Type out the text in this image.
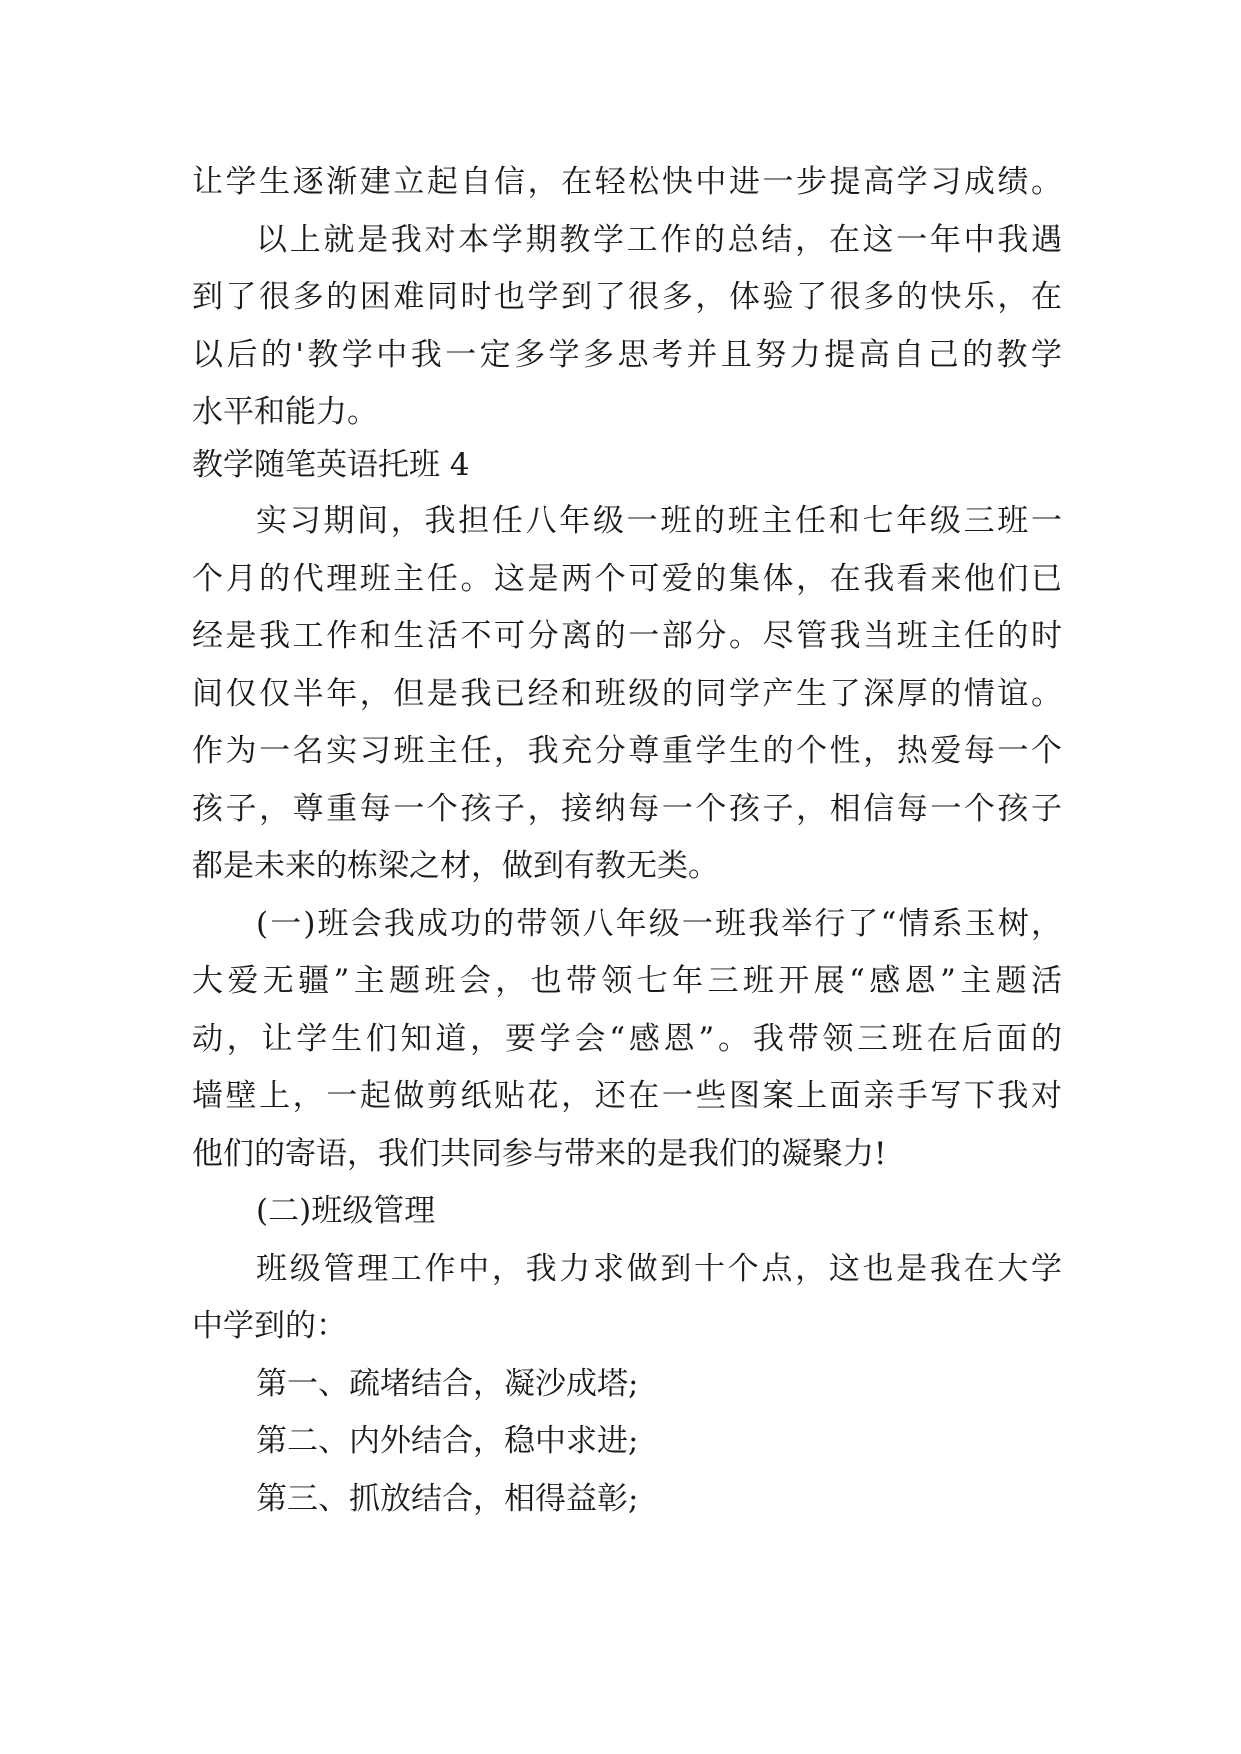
让学生逐渐建立起自信，在轻松快中进一步提高学习成绩。
以上就是我对本学期教学工作的总结，在这一年中我遇
到了很多的困难同时也学到了很多，体验了很多的快乐，在
以后的'教学中我一定多学多思考并且努力提高自己的教学
水平和能力。
教学随笔英语托班 4
实习期间，我担任八年级一班的班主任和七年级三班一
个月的代理班主任。这是两个可爱的集体，在我看来他们已
经是我工作和生活不可分离的一部分。尽管我当班主任的时
间仅仅半年，但是我已经和班级的同学产生了深厚的情谊。
作为一名实习班主任，我充分尊重学生的个性，热爱每一个
孩子，尊重每一个孩子，接纳每一个孩子，相信每一个孩子
都是未来的栋梁之材，做到有教无类。
(一)班会我成功的带领八年级一班我举行了“情系玉树，
大爱无疆”主题班会，也带领七年三班开展“感恩”主题活
动，让学生们知道，要学会“感恩”。我带领三班在后面的
墙壁上，一起做剪纸贴花，还在一些图案上面亲手写下我对
他们的寄语，我们共同参与带来的是我们的凝聚力!
(二)班级管理
班级管理工作中，我力求做到十个点，这也是我在大学
中学到的：
第一、疏堵结合，凝沙成塔;
第二、内外结合，稳中求进;
第三、抓放结合，相得益彰;
